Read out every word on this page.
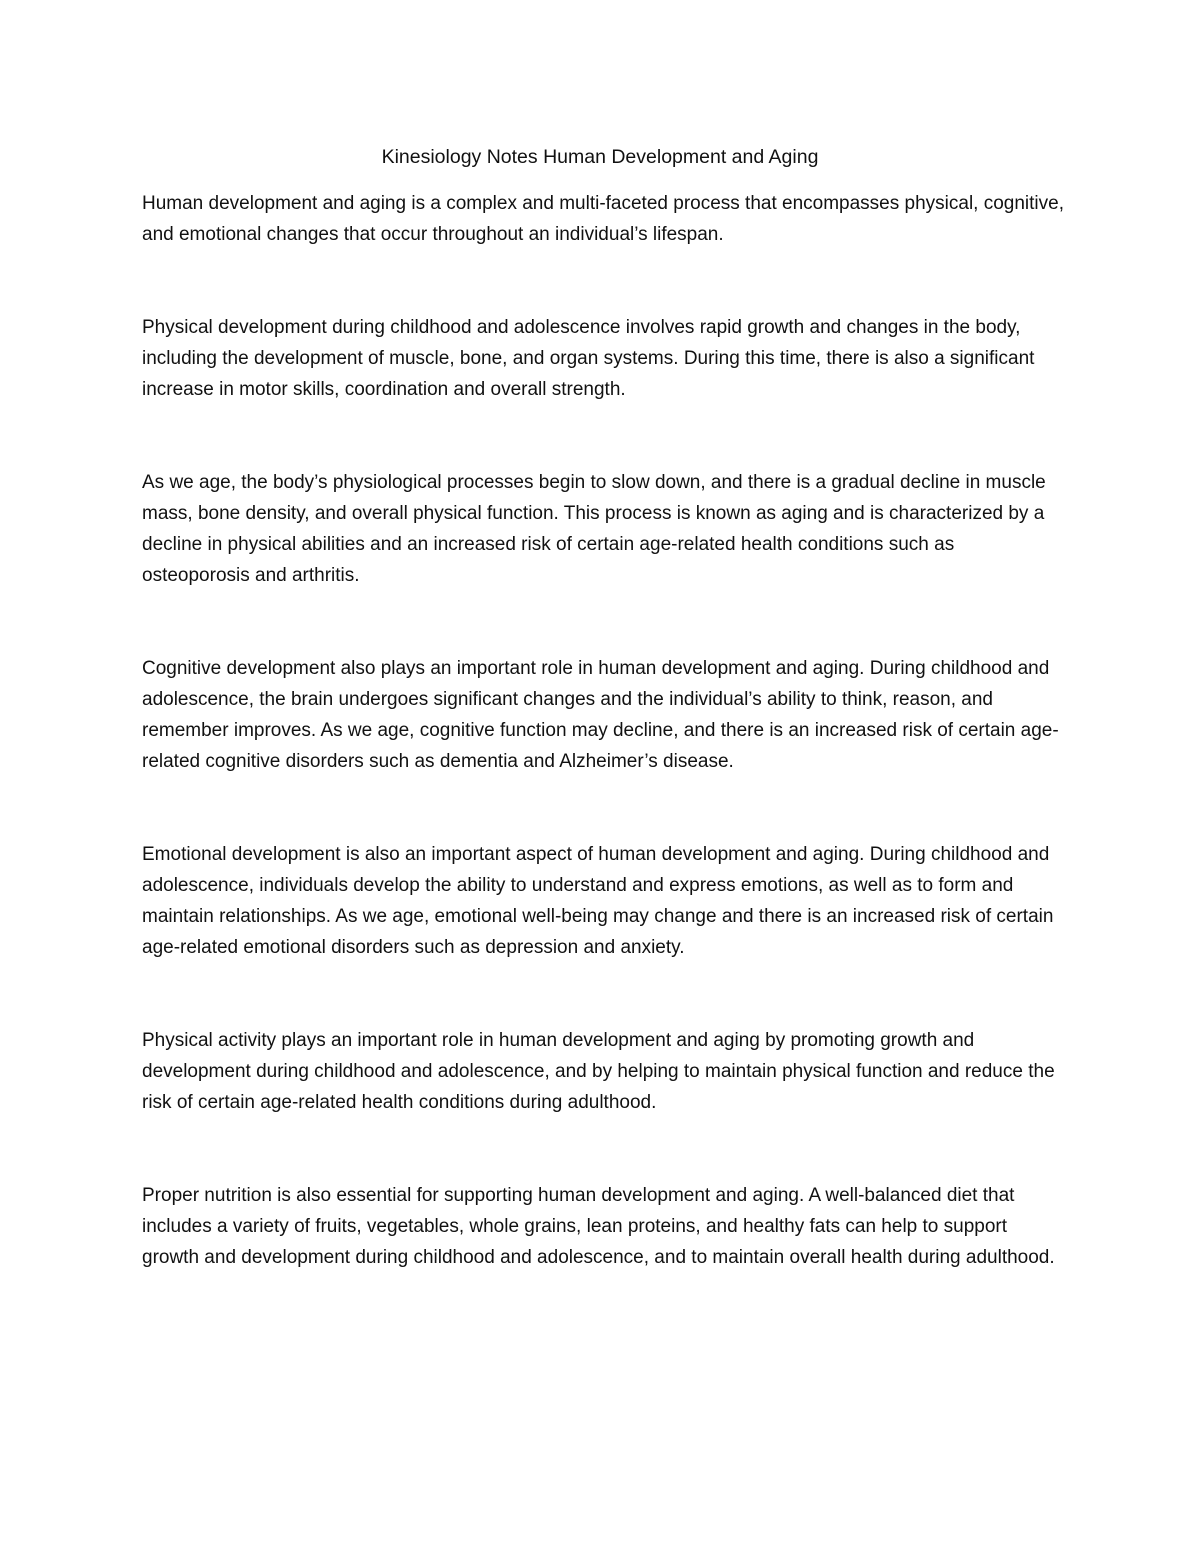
Kinesiology Notes Human Development and Aging

Human development and aging is a complex and multi-faceted process that encompasses physical, cognitive, and emotional changes that occur throughout an individual’s lifespan.

Physical development during childhood and adolescence involves rapid growth and changes in the body, including the development of muscle, bone, and organ systems. During this time, there is also a significant increase in motor skills, coordination and overall strength.

As we age, the body’s physiological processes begin to slow down, and there is a gradual decline in muscle mass, bone density, and overall physical function. This process is known as aging and is characterized by a decline in physical abilities and an increased risk of certain age-related health conditions such as osteoporosis and arthritis.

Cognitive development also plays an important role in human development and aging. During childhood and adolescence, the brain undergoes significant changes and the individual’s ability to think, reason, and remember improves. As we age, cognitive function may decline, and there is an increased risk of certain age-related cognitive disorders such as dementia and Alzheimer’s disease.

Emotional development is also an important aspect of human development and aging. During childhood and adolescence, individuals develop the ability to understand and express emotions, as well as to form and maintain relationships. As we age, emotional well-being may change and there is an increased risk of certain age-related emotional disorders such as depression and anxiety.

Physical activity plays an important role in human development and aging by promoting growth and development during childhood and adolescence, and by helping to maintain physical function and reduce the risk of certain age-related health conditions during adulthood.

Proper nutrition is also essential for supporting human development and aging. A well-balanced diet that includes a variety of fruits, vegetables, whole grains, lean proteins, and healthy fats can help to support growth and development during childhood and adolescence, and to maintain overall health during adulthood.
